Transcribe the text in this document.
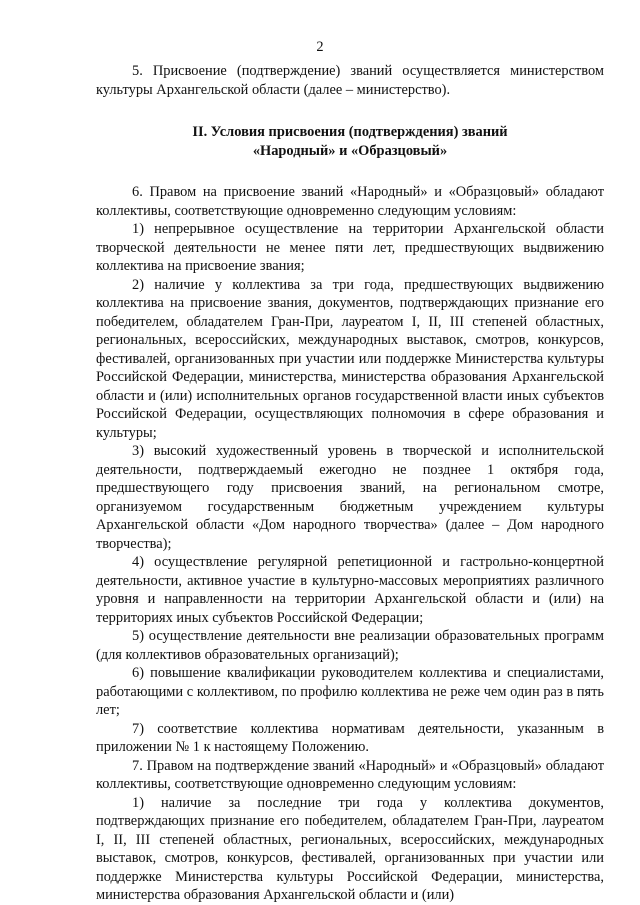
2

5. Присвоение (подтверждение) званий осуществляется министерством культуры Архангельской области (далее – министерство).

II. Условия присвоения (подтверждения) званий
«Народный» и «Образцовый»

6. Правом на присвоение званий «Народный» и «Образцовый» обладают коллективы, соответствующие одновременно следующим условиям:

1) непрерывное осуществление на территории Архангельской области творческой деятельности не менее пяти лет, предшествующих выдвижению коллектива на присвоение звания;

2) наличие у коллектива за три года, предшествующих выдвижению коллектива на присвоение звания, документов, подтверждающих признание его победителем, обладателем Гран-При, лауреатом I, II, III степеней областных, региональных, всероссийских, международных выставок, смотров, конкурсов, фестивалей, организованных при участии или поддержке Министерства культуры Российской Федерации, министерства, министерства образования Архангельской области и (или) исполнительных органов государственной власти иных субъектов Российской Федерации, осуществляющих полномочия в сфере образования и культуры;

3) высокий художественный уровень в творческой и исполнительской деятельности, подтверждаемый ежегодно не позднее 1 октября года, предшествующего году присвоения званий, на региональном смотре, организуемом государственным бюджетным учреждением культуры Архангельской области «Дом народного творчества» (далее – Дом народного творчества);

4) осуществление регулярной репетиционной и гастрольно-концертной деятельности, активное участие в культурно-массовых мероприятиях различного уровня и направленности на территории Архангельской области и (или) на территориях иных субъектов Российской Федерации;

5) осуществление деятельности вне реализации образовательных программ (для коллективов образовательных организаций);

6) повышение квалификации руководителем коллектива и специалистами, работающими с коллективом, по профилю коллектива не реже чем один раз в пять лет;

7) соответствие коллектива нормативам деятельности, указанным в приложении № 1 к настоящему Положению.

7. Правом на подтверждение званий «Народный» и «Образцовый» обладают коллективы, соответствующие одновременно следующим условиям:

1) наличие за последние три года у коллектива документов, подтверждающих признание его победителем, обладателем Гран-При, лауреатом I, II, III степеней областных, региональных, всероссийских, международных выставок, смотров, конкурсов, фестивалей, организованных при участии или поддержке Министерства культуры Российской Федерации, министерства, министерства образования Архангельской области и (или)
